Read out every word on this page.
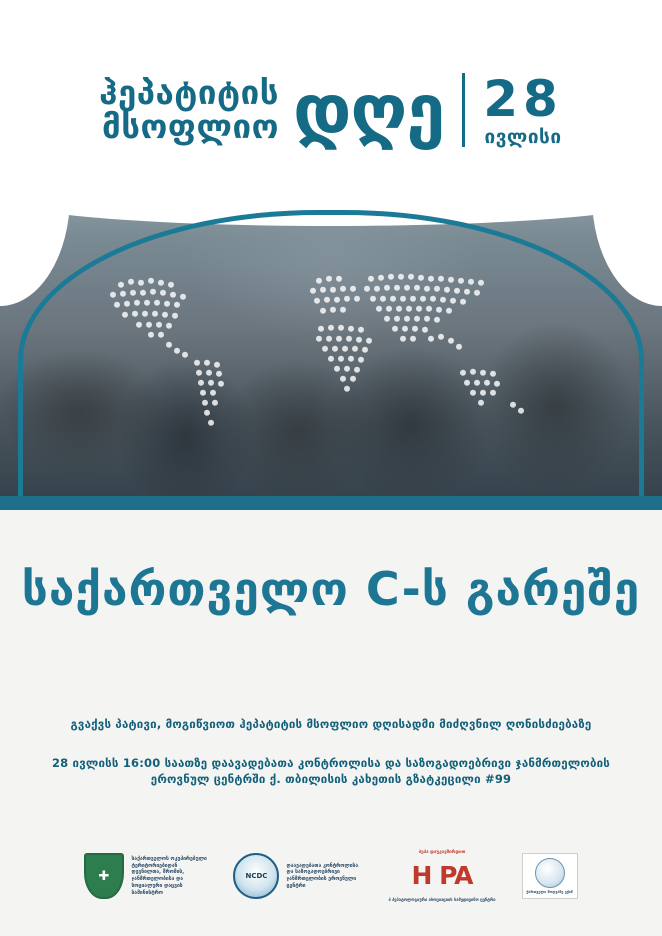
ჰეპატიტის
მსოფლიო დღე 28
ივლისი
საქართველო C-ს გარეშე
გვაქვს პატივი, მოგიწვიოთ ჰეპატიტის მსოფლიო დღისადმი მიძღვნილ ღონისძიებაზე
28 ივლისს 16:00 საათზე დაავადებათა კონტროლისა და საზოგადოებრივი ჯანმრთელობის
ეროვნულ ცენტრში ქ. თბილისის კახეთის გზატკეცილი #99
✚
საქართველოს ოკუპირებული ტერიტორიებიდან დევნილთა, შრომის, ჯანმრთელობისა და სოციალური დაცვის სამინისტრო
NCDC
დაავადებათა კონტროლისა და საზოგადოებრივი ჯანმრთელობის ეროვნული ცენტრი
ჰეპა დაუკავშირდით
H PA
ჰ ჰეპატოლოგიური ასოციაციის სამედიცინო ცენტრი
ქართველი მოღვაწე ექიმ
